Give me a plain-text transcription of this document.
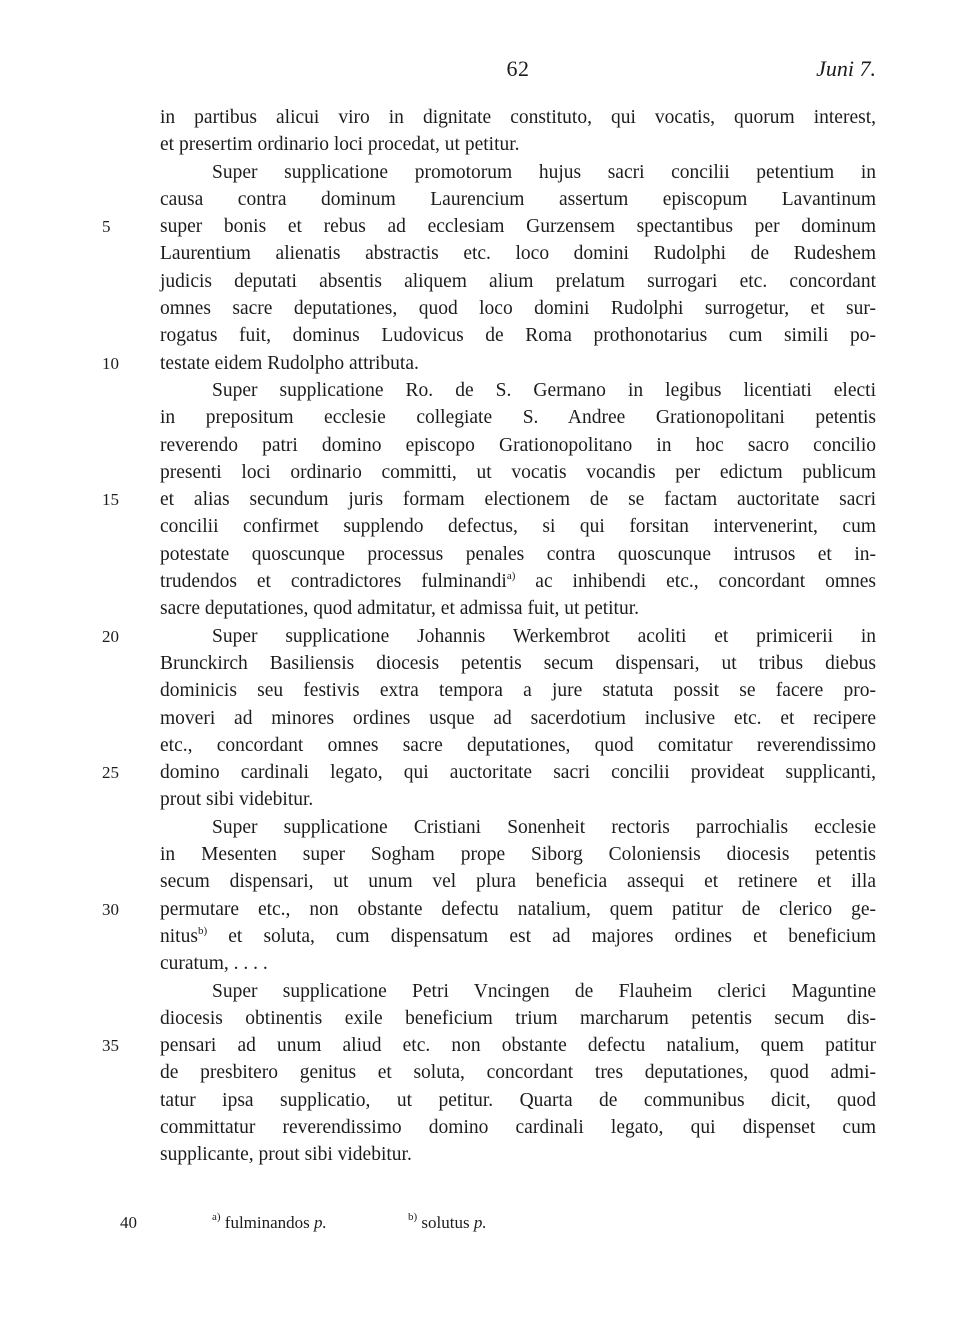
62	Juni 7.
in partibus alicui viro in dignitate constituto, qui vocatis, quorum interest,
et presertim ordinario loci procedat, ut petitur.
Super supplicatione promotorum hujus sacri concilii petentium in
causa contra dominum Laurencium assertum episcopum Lavantinum
5	super bonis et rebus ad ecclesiam Gurzensem spectantibus per dominum
Laurentium alienatis abstractis etc. loco domini Rudolphi de Rudeshem
judicis deputati absentis aliquem alium prelatum surrogari etc. concordant
omnes sacre deputationes, quod loco domini Rudolphi surrogetur, et sur-
rogatus fuit, dominus Ludovicus de Roma prothonotarius cum simili po-
10	testate eidem Rudolpho attributa.
Super supplicatione Ro. de S. Germano in legibus licentiati electi
in prepositum ecclesie collegiate S. Andree Grationopolitani petentis
reverendo patri domino episcopo Grationopolitano in hoc sacro concilio
presenti loci ordinario committi, ut vocatis vocandis per edictum publicum
15	et alias secundum juris formam electionem de se factam auctoritate sacri
concilii confirmet supplendo defectus, si qui forsitan intervenerint, cum
potestate quoscunque processus penales contra quoscunque intrusos et in-
trudendos et contradictores fulminandi$^{a)}$ ac inhibendi etc., concordant omnes
sacre deputationes, quod admitatur, et admissa fuit, ut petitur.
20	Super supplicatione Johannis Werkembrot acoliti et primicerii in
Brunckirch Basiliensis diocesis petentis secum dispensari, ut tribus diebus
dominicis seu festivis extra tempora a jure statuta possit se facere pro-
moveri ad minores ordines usque ad sacerdotium inclusive etc. et recipere
etc., concordant omnes sacre deputationes, quod comitatur reverendissimo
25	domino cardinali legato, qui auctoritate sacri concilii provideat supplicanti,
prout sibi videbitur.
Super supplicatione Cristiani Sonenheit rectoris parrochialis ecclesie
in Mesenten super Sogham prope Siborg Coloniensis diocesis petentis
secum dispensari, ut unum vel plura beneficia assequi et retinere et illa
30	permutare etc., non obstante defectu natalium, quem patitur de clerico ge-
nitus$^{b)}$ et soluta, cum dispensatum est ad majores ordines et beneficium
curatum, . . . .
Super supplicatione Petri Vncingen de Flauheim clerici Maguntine
diocesis obtinentis exile beneficium trium marcharum petentis secum dis-
35	pensari ad unum aliud etc. non obstante defectu natalium, quem patitur
de presbitero genitus et soluta, concordant tres deputationes, quod admi-
tatur ipsa supplicatio, ut petitur. Quarta de communibus dicit, quod
committatur reverendissimo domino cardinali legato, qui dispenset cum
supplicante, prout sibi videbitur.
40	$^{a)}$ fulminandos p.	$^{b)}$ solutus p.
